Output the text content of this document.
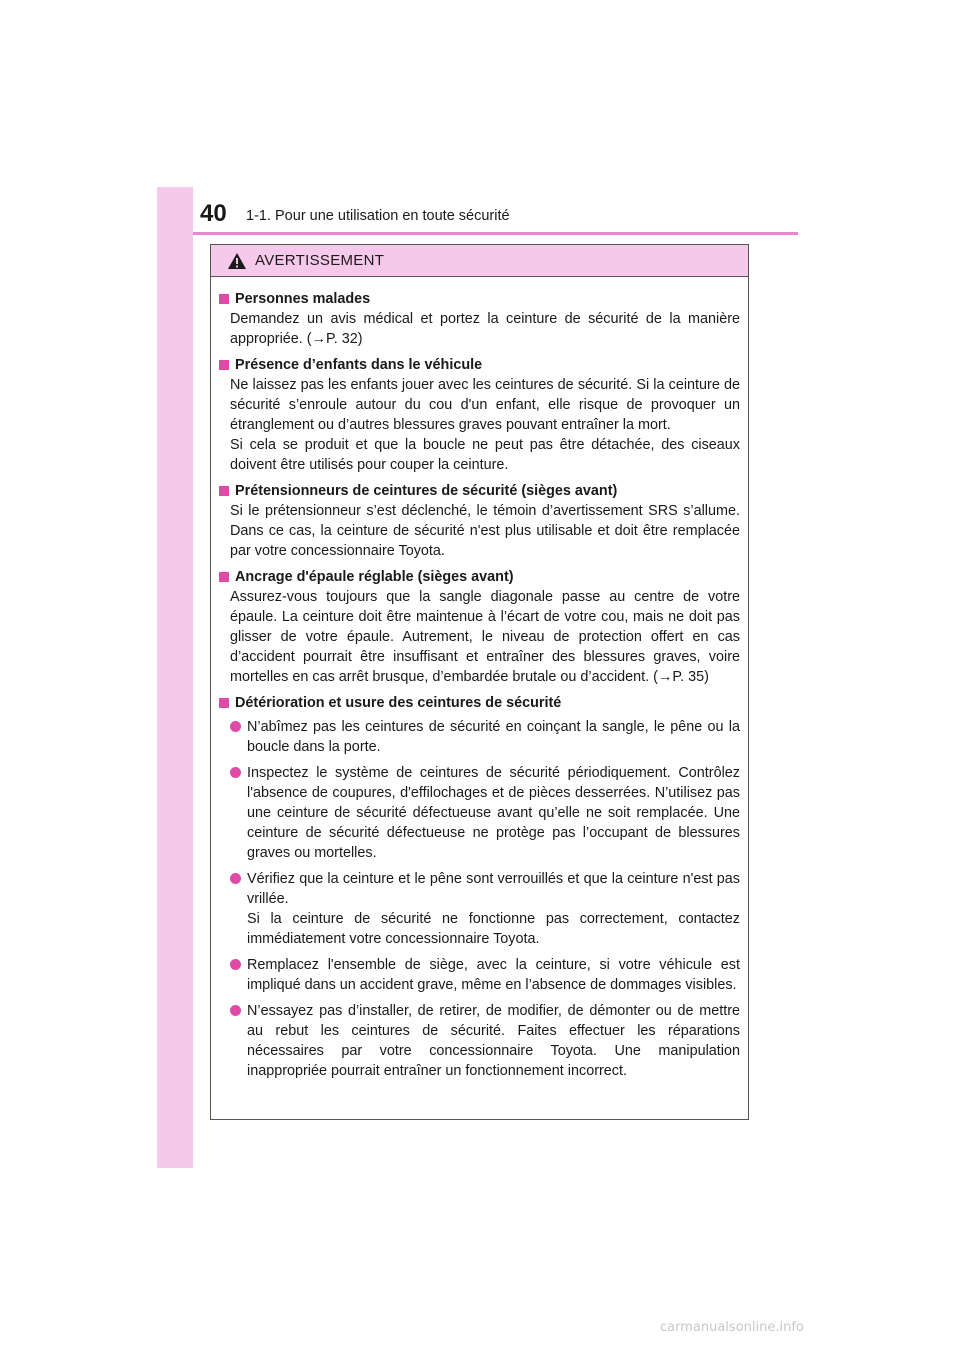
40 1-1. Pour une utilisation en toute sécurité
AVERTISSEMENT
Personnes malades

Demandez un avis médical et portez la ceinture de sécurité de la manière appropriée. (→P. 32)

Présence d’enfants dans le véhicule

Ne laissez pas les enfants jouer avec les ceintures de sécurité. Si la ceinture de sécurité s’enroule autour du cou d'un enfant, elle risque de provoquer un étranglement ou d’autres blessures graves pouvant entraîner la mort.

Si cela se produit et que la boucle ne peut pas être détachée, des ciseaux doivent être utilisés pour couper la ceinture.

Prétensionneurs de ceintures de sécurité (sièges avant)

Si le prétensionneur s’est déclenché, le témoin d’avertissement SRS s’allume. Dans ce cas, la ceinture de sécurité n'est plus utilisable et doit être remplacée par votre concessionnaire Toyota.

Ancrage d'épaule réglable (sièges avant)

Assurez-vous toujours que la sangle diagonale passe au centre de votre épaule. La ceinture doit être maintenue à l’écart de votre cou, mais ne doit pas glisser de votre épaule. Autrement, le niveau de protection offert en cas d’accident pourrait être insuffisant et entraîner des blessures graves, voire mortelles en cas arrêt brusque, d’embardée brutale ou d’accident. (→P. 35)

Détérioration et usure des ceintures de sécurité

N’abîmez pas les ceintures de sécurité en coinçant la sangle, le pêne ou la boucle dans la porte.

Inspectez le système de ceintures de sécurité périodiquement. Contrôlez l'absence de coupures, d'effilochages et de pièces desserrées. N’utilisez pas une ceinture de sécurité défectueuse avant qu’elle ne soit remplacée. Une ceinture de sécurité défectueuse ne protège pas l’occupant de blessures graves ou mortelles.

Vérifiez que la ceinture et le pêne sont verrouillés et que la ceinture n'est pas vrillée.

Si la ceinture de sécurité ne fonctionne pas correctement, contactez immédiatement votre concessionnaire Toyota.

Remplacez l'ensemble de siège, avec la ceinture, si votre véhicule est impliqué dans un accident grave, même en l’absence de dommages visibles.

N’essayez pas d’installer, de retirer, de modifier, de démonter ou de mettre au rebut les ceintures de sécurité. Faites effectuer les réparations nécessaires par votre concessionnaire Toyota. Une manipulation inappropriée pourrait entraîner un fonctionnement incorrect.

carmanualsonline.info
